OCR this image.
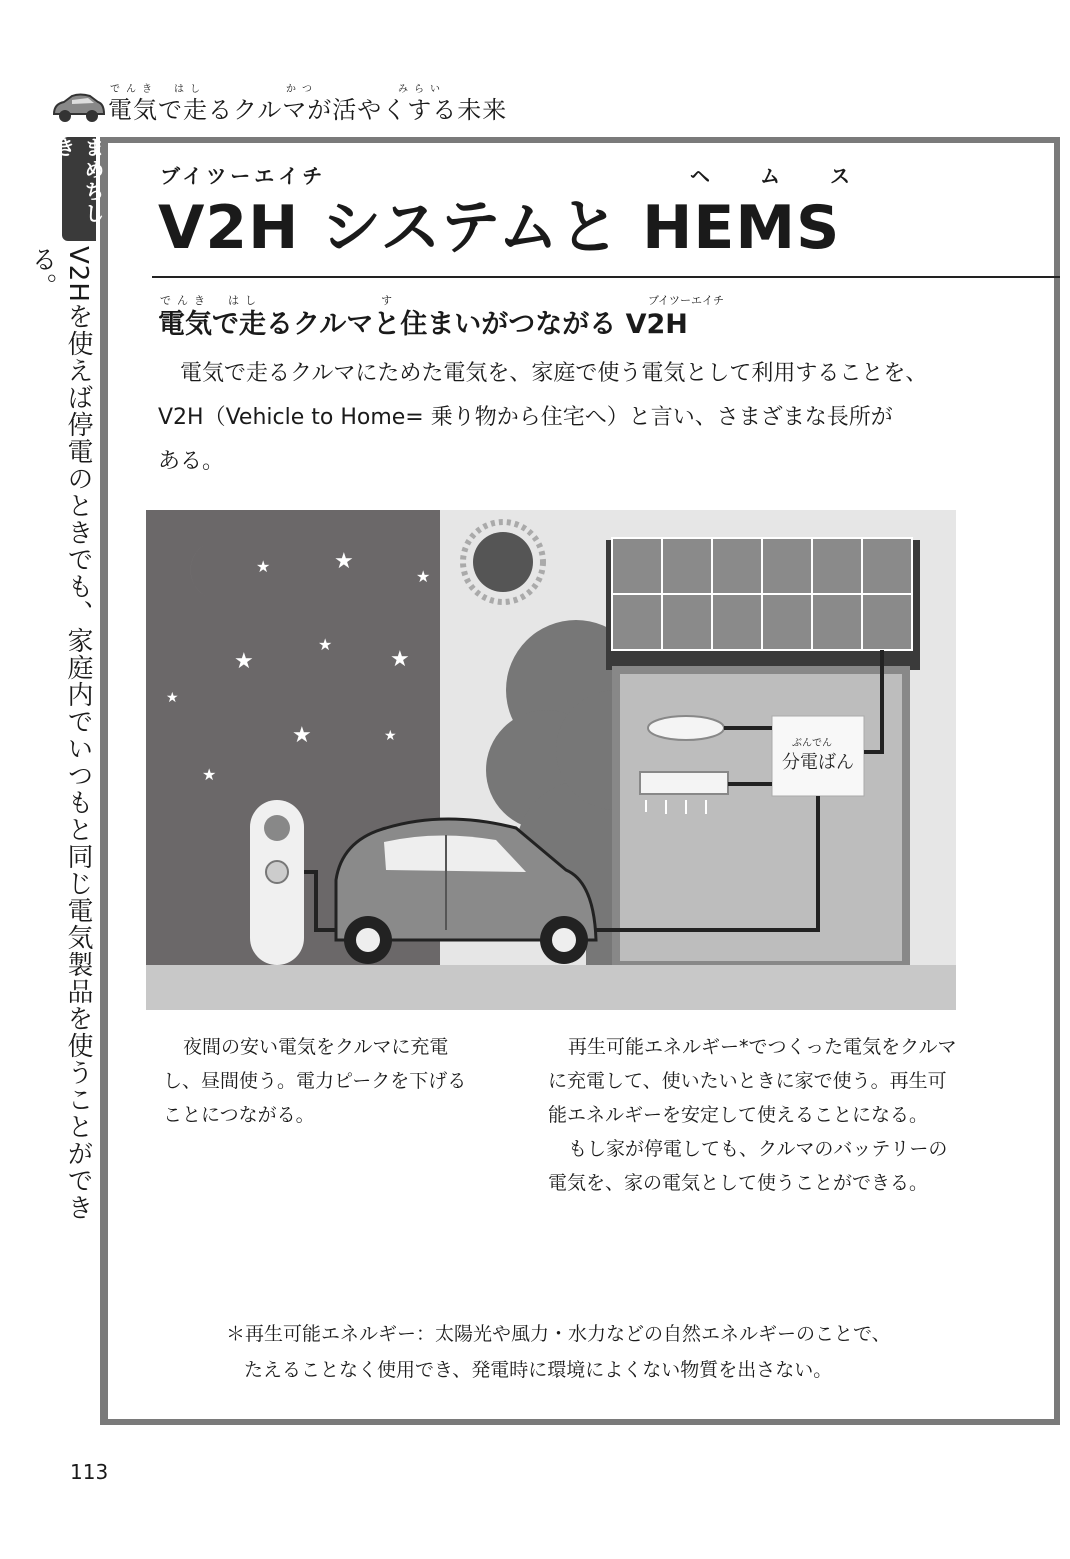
でんき　はし　　　　　かつ　　　　　みらい
電気で走るクルマが活やくする未来
まめちしき
V2Hを使えば停電のときでも、家庭内でいつもと同じ電気製品を使うことができる。
ブイツーエイチ	ヘムス
V2H システムと HEMS
でんき　はし　　　　　　　す	ブイツーエイチ
電気で走るクルマと住まいがつながる V2H

電気で走るクルマにためた電気を、家庭で使う電気として利用することを、

V2H（Vehicle to Home= 乗り物から住宅へ）と言い、さまざまな長所が

ある。

★	★
★
★
★
★
★
★	★
★
ぶんでん
分電ばん

夜間の安い電気をクルマに充電

し、昼間使う。電力ピークを下げる

ことにつながる。

再生可能エネルギー*でつくった電気をクルマ

に充電して、使いたいときに家で使う。再生可

能エネルギーを安定して使えることになる。

もし家が停電しても、クルマのバッテリーの

電気を、家の電気として使うことができる。

＊再生可能エネルギー：太陽光や風力・水力などの自然エネルギーのことで、

たえることなく使用でき、発電時に環境によくない物質を出さない。

113
